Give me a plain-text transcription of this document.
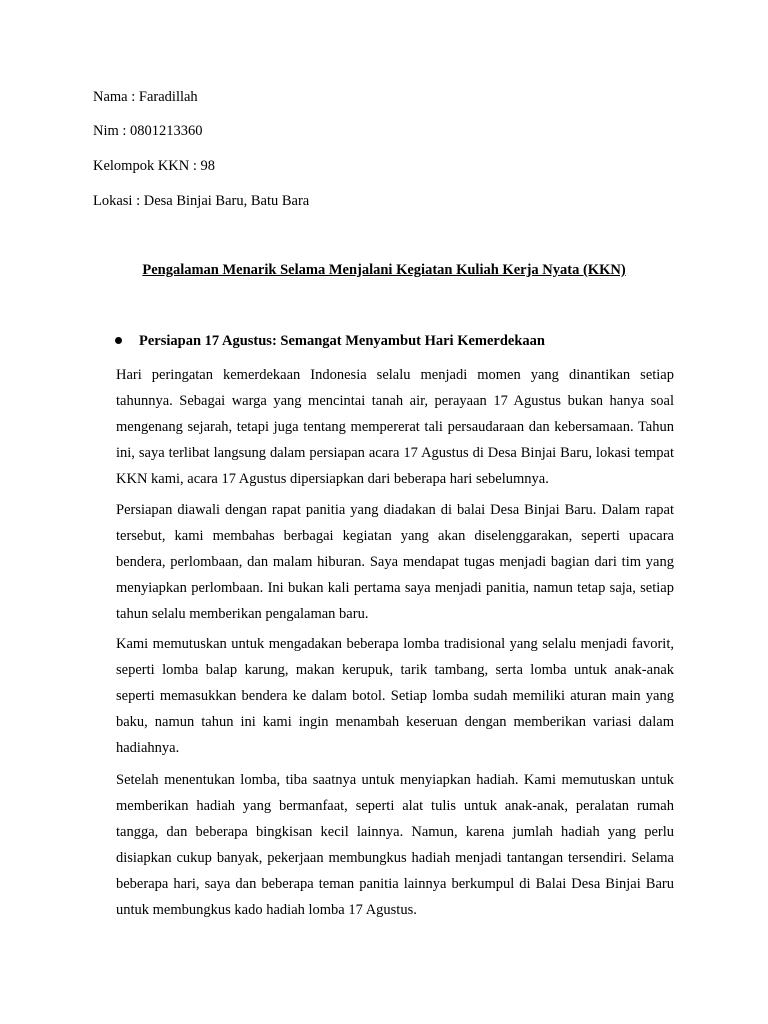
Nama : Faradillah
Nim : 0801213360
Kelompok KKN : 98
Lokasi : Desa Binjai Baru, Batu Bara
Pengalaman Menarik Selama Menjalani Kegiatan Kuliah Kerja Nyata (KKN)
Persiapan 17 Agustus: Semangat Menyambut Hari Kemerdekaan

Hari peringatan kemerdekaan Indonesia selalu menjadi momen yang dinantikan setiap tahunnya. Sebagai warga yang mencintai tanah air, perayaan 17 Agustus bukan hanya soal mengenang sejarah, tetapi juga tentang mempererat tali persaudaraan dan kebersamaan. Tahun ini, saya terlibat langsung dalam persiapan acara 17 Agustus di Desa Binjai Baru, lokasi tempat KKN kami, acara 17 Agustus dipersiapkan dari beberapa hari sebelumnya.

Persiapan diawali dengan rapat panitia yang diadakan di balai Desa Binjai Baru. Dalam rapat tersebut, kami membahas berbagai kegiatan yang akan diselenggarakan, seperti upacara bendera, perlombaan, dan malam hiburan. Saya mendapat tugas menjadi bagian dari tim yang menyiapkan perlombaan. Ini bukan kali pertama saya menjadi panitia, namun tetap saja, setiap tahun selalu memberikan pengalaman baru.

Kami memutuskan untuk mengadakan beberapa lomba tradisional yang selalu menjadi favorit, seperti lomba balap karung, makan kerupuk, tarik tambang, serta lomba untuk anak-anak seperti memasukkan bendera ke dalam botol. Setiap lomba sudah memiliki aturan main yang baku, namun tahun ini kami ingin menambah keseruan dengan memberikan variasi dalam hadiahnya.

Setelah menentukan lomba, tiba saatnya untuk menyiapkan hadiah. Kami memutuskan untuk memberikan hadiah yang bermanfaat, seperti alat tulis untuk anak-anak, peralatan rumah tangga, dan beberapa bingkisan kecil lainnya. Namun, karena jumlah hadiah yang perlu disiapkan cukup banyak, pekerjaan membungkus hadiah menjadi tantangan tersendiri. Selama beberapa hari, saya dan beberapa teman panitia lainnya berkumpul di Balai Desa Binjai Baru untuk membungkus kado hadiah lomba 17 Agustus.
